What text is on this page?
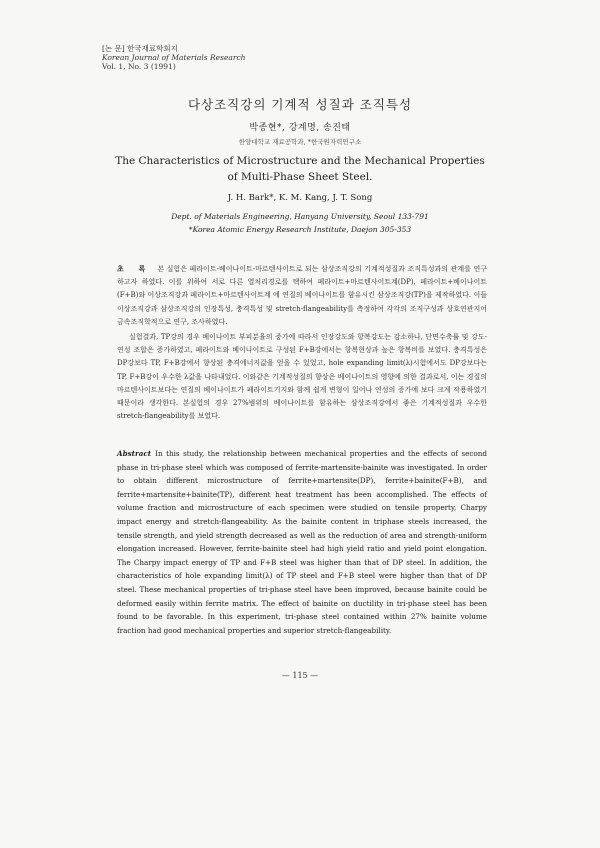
[논 문] 한국재료학회지
Korean Journal of Materials Research
Vol. 1, No. 3 (1991)
다상조직강의 기계적 성질과 조직특성
박종현*, 강계명, 송진태
한양대학교 재료공학과, *한국원자력연구소
The Characteristics of Microstructure and the Mechanical Properties
of Multi-Phase Sheet Steel.
J. H. Bark*, K. M. Kang, J. T. Song
Dept. of Materials Engineering, Hanyang University, Seoul 133-791
*Korea Atomic Energy Research Institute, Daejon 305-353

초 록 본 실험은 페라이트-베이나이트-마르텐사이트로 되는 삼상조직강의 기계적성질과 조직특성과의 관계를 연구하고자 하였다. 이를 위하여 서로 다른 열처리경로를 택하여 페라이트+마르텐사이트계(DP), 페라이트+베이나이트(F+B)와 이상조직강과 페라이트+마르텐사이트계 에 연질의 베이나이트를 함유시킨 삼상조직강(TP)을 제작하였다. 이들 이상조직강과 삼상조직강의 인장특성, 충격특성 및 stretch-flangeability를 측정하여 각각의 조직구성과 상호연관지어 금속조직학적으로 연구, 조사하였다.

실험결과, TP강의 경우 베이나이트 부피분율의 증가에 따라서 인장강도와 항복강도는 감소하나, 단면수축률 및 강도-연성 조합은 증가하였고, 페라이트와 베이나이트로 구성된 F+B강에서는 항복현상과 높은 항복비를 보였다. 충격특성은 DP강보다 TP, F+B강에서 향상된 충격에너지값을 얻을 수 있었고, hole expanding limit(λ)시험에서도 DP강보다는 TP, F+B강이 우수한 λ값을 나타내었다. 이와같은 기계적성질의 향상은 베이나이트의 영향에 의한 결과로서, 이는 경질의 마르텐사이트보다는 연질의 베이나이트가 페라이트기지와 함께 쉽게 변형이 일어나 연성의 증가에 보다 크게 작용하였기 때문이라 생각한다. 본실험의 경우 27%범위의 베이나이트를 함유하는 삼상조직강에서 좋은 기계적성질과 우수한 stretch-flangeability를 보였다.

Abstract In this study, the relationship between mechanical properties and the effects of second phase in tri-phase steel which was composed of ferrite-martensite-bainite was investigated. In order to obtain different microstructure of ferrite+martensite(DP), ferrite+bainite(F+B), and ferrite+martensite+bainite(TP), different heat treatment has been accomplished. The effects of volume fraction and microstructure of each specimen were studied on tensile property, Charpy impact energy and stretch-flangeability. As the bainite content in triphase steels increased, the tensile strength, and yield strength decreased as well as the reduction of area and strength-uniform elongation increased. However, ferrite-bainite steel had high yield ratio and yield point elongation. The Charpy impact energy of TP and F+B steel was higher than that of DP steel. In addition, the characteristics of hole expanding limit(λ) of TP steel and F+B steel were higher than that of DP steel. These mechanical properties of tri-phase steel have been improved, because bainite could be deformed easily within ferrite matrix. The effect of bainite on ductility in tri-phase steel has been found to be favorable. In this experiment, tri-phase steel contained within 27% bainite volume fraction had good mechanical properties and superior stretch-flangeability.

— 115 —
